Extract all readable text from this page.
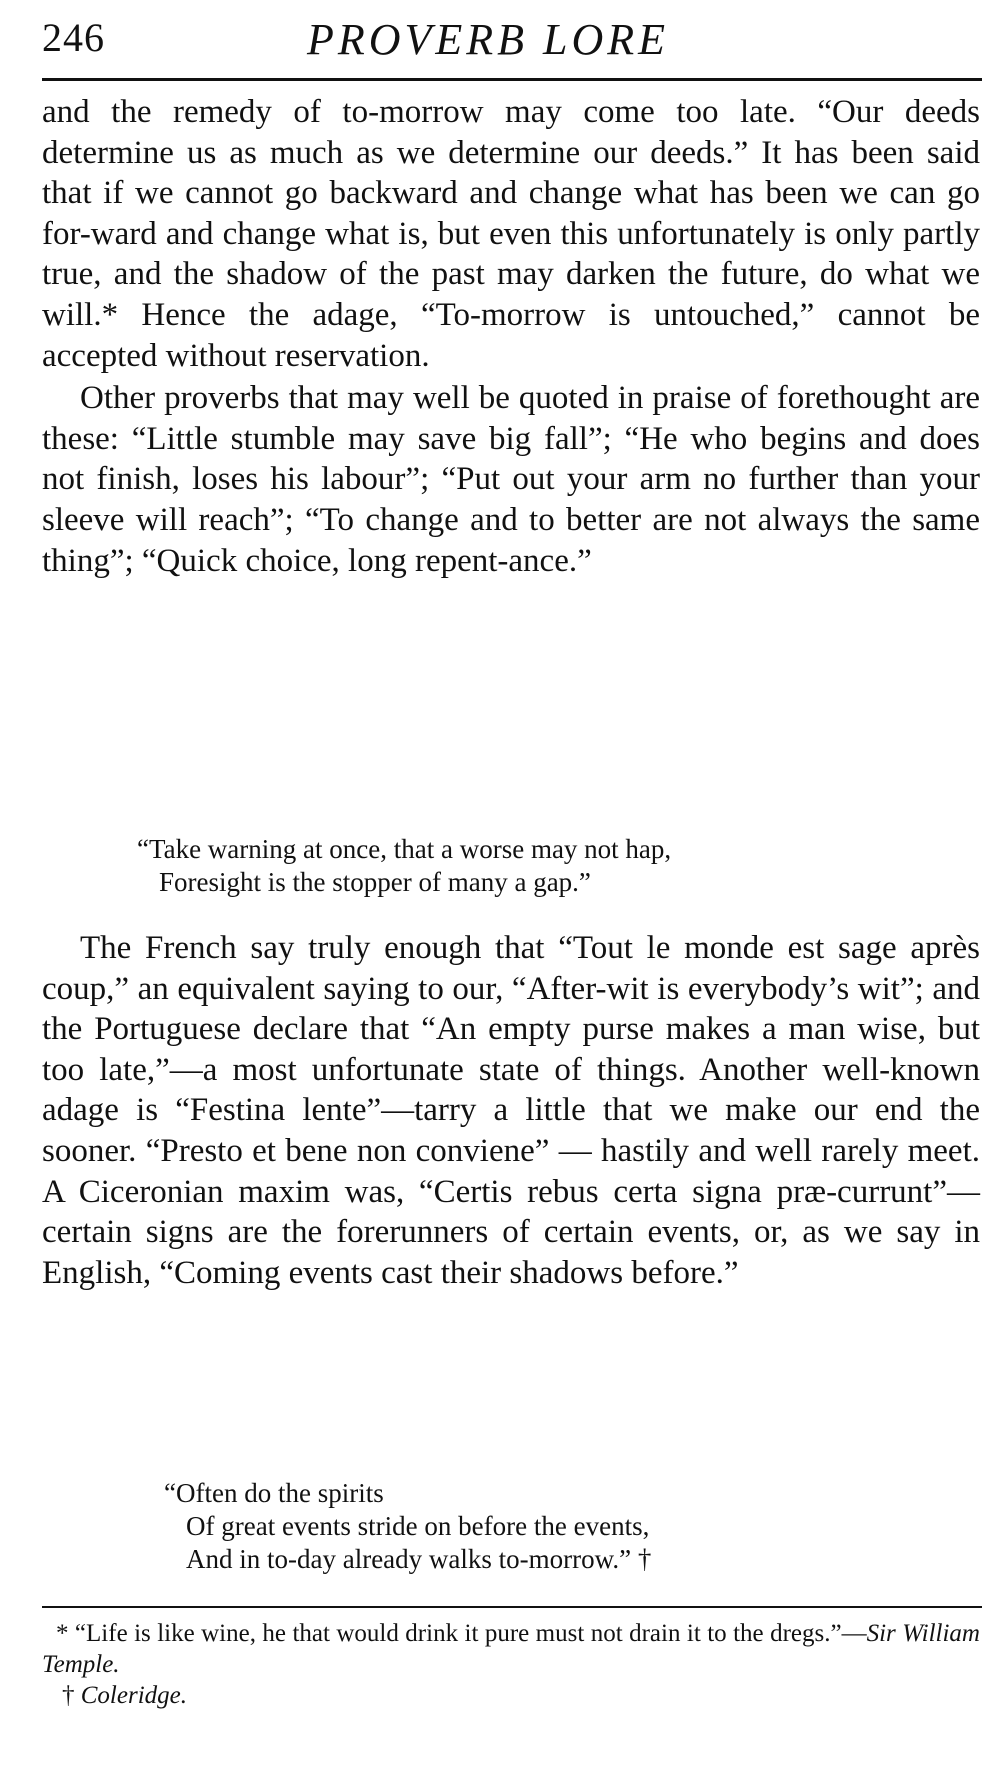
246	PROVERB LORE

and the remedy of to-morrow may come too late. “Our deeds determine us as much as we determine our deeds.” It has been said that if we cannot go backward and change what has been we can go for-ward and change what is, but even this unfortunately is only partly true, and the shadow of the past may darken the future, do what we will.* Hence the adage, “To-morrow is untouched,” cannot be accepted without reservation.

Other proverbs that may well be quoted in praise of forethought are these: “Little stumble may save big fall”; “He who begins and does not finish, loses his labour”; “Put out your arm no further than your sleeve will reach”; “To change and to better are not always the same thing”; “Quick choice, long repent-ance.”

“Take warning at once, that a worse may not hap,

Foresight is the stopper of many a gap.”

The French say truly enough that “Tout le monde est sage après coup,” an equivalent saying to our, “After-wit is everybody’s wit”; and the Portuguese declare that “An empty purse makes a man wise, but too late,”—a most unfortunate state of things. Another well-known adage is “Festina lente”—tarry a little that we make our end the sooner. “Presto et bene non conviene” — hastily and well rarely meet. A Ciceronian maxim was, “Certis rebus certa signa præ-currunt”—certain signs are the forerunners of certain events, or, as we say in English, “Coming events cast their shadows before.”

“Often do the spirits

Of great events stride on before the events,

And in to-day already walks to-morrow.” †

* “Life is like wine, he that would drink it pure must not drain it to the dregs.”—Sir William Temple.

† Coleridge.
